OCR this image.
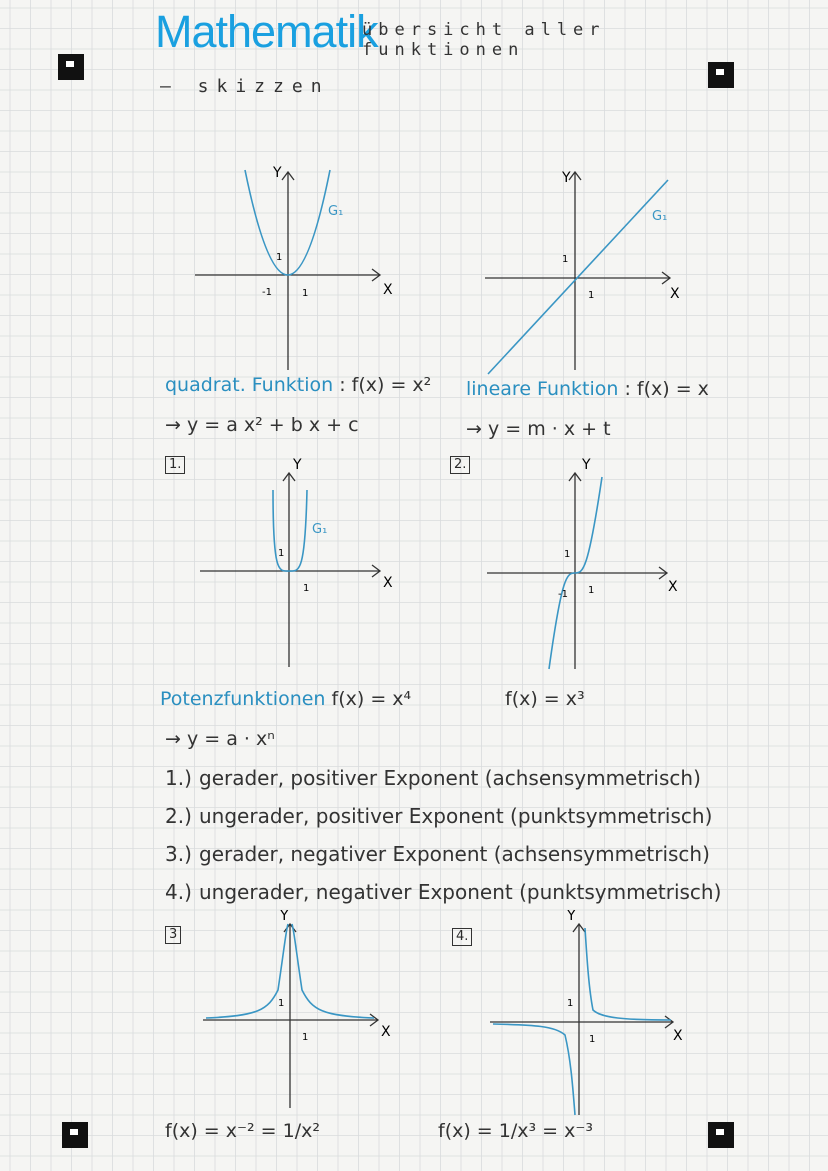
Mathematik
übersicht aller
funktionen
— skizzen
Y
X
G₁
1
1
-1
Y
X
G₁
1
1
quadrat. Funktion : f(x) = x²
→ y = a x² + b x + c
lineare Funktion : f(x) = x
→ y = m · x + t
1.	2.
Y
X
G₁
1
1
Y
X
1
1
-1
Potenzfunktionen f(x) = x⁴	f(x) = x³
→ y = a · xⁿ
1.) gerader, positiver Exponent (achsensymmetrisch)
2.) ungerader, positiver Exponent (punktsymmetrisch)
3.) gerader, negativer Exponent (achsensymmetrisch)
4.) ungerader, negativer Exponent (punktsymmetrisch)
3	4.
Y
X
1
1
Y
X
1
1
f(x) = x⁻² = 1/x²	f(x) = 1/x³ = x⁻³
